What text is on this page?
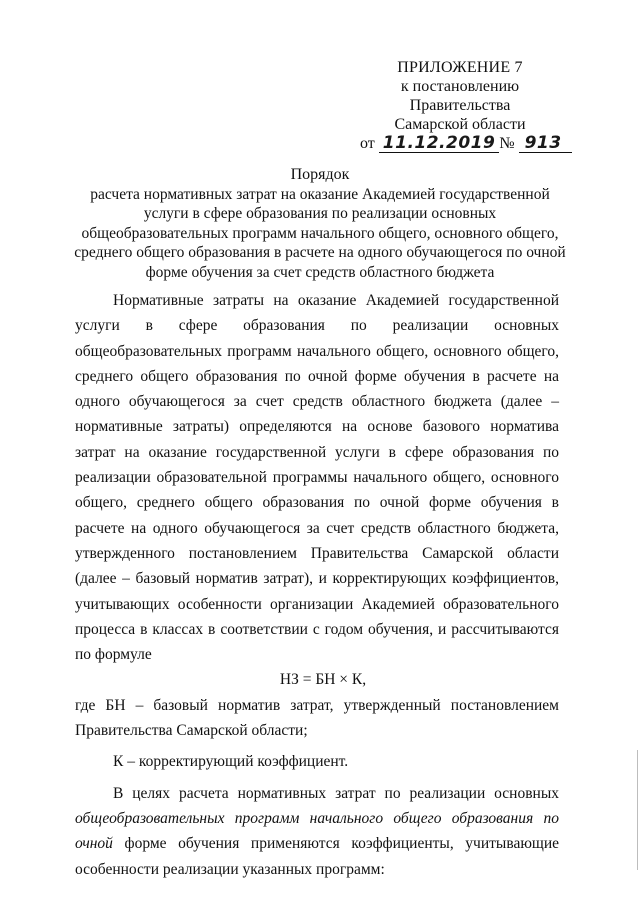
ПРИЛОЖЕНИЕ 7
к постановлению Правительства
Самарской области
от 11.12.2019 № 913
Порядок
расчета нормативных затрат на оказание Академией государственной
услуги в сфере образования по реализации основных
общеобразовательных программ начального общего, основного общего,
среднего общего образования в расчете на одного обучающегося по очной
форме обучения за счет средств областного бюджета

Нормативные затраты на оказание Академией государственной услуги в сфере образования по реализации основных общеобразовательных программ начального общего, основного общего, среднего общего образования по очной форме обучения в расчете на одного обучающегося за счет средств областного бюджета (далее – нормативные затраты) определяются на основе базового норматива затрат на оказание государственной услуги в сфере образования по реализации образовательной программы начального общего, основного общего, среднего общего образования по очной форме обучения в расчете на одного обучающегося за счет средств областного бюджета, утвержденного постановлением Правительства Самарской области (далее – базовый норматив затрат), и корректирующих коэффициентов, учитывающих особенности организации Академией образовательного процесса в классах в соответствии с годом обучения, и рассчитываются по формуле

НЗ = БН × К,

где БН – базовый норматив затрат, утвержденный постановлением Правительства Самарской области;

К – корректирующий коэффициент.

В целях расчета нормативных затрат по реализации основных общеобразовательных программ начального общего образования по очной форме обучения применяются коэффициенты, учитывающие особенности реализации указанных программ:
